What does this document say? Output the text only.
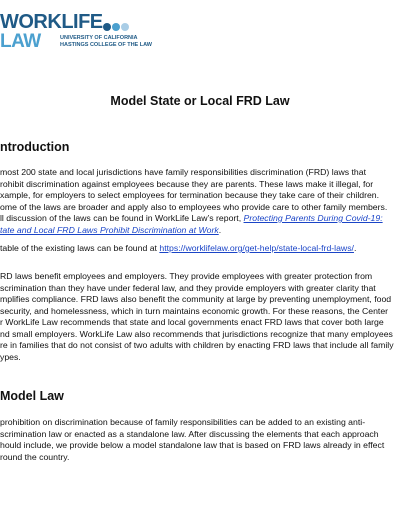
WORKLIFE
LAW	UNIVERSITY OF CALIFORNIA
HASTINGS COLLEGE OF THE LAW
Model State or Local FRD Law
ntroduction
most 200 state and local jurisdictions have family responsibilities discrimination (FRD) laws that
rohibit discrimination against employees because they are parents. These laws make it illegal, for
xample, for employers to select employees for termination because they take care of their children.
ome of the laws are broader and apply also to employees who provide care to other family members.
ll discussion of the laws can be found in WorkLife Law’s report, Protecting Parents During Covid-19:
tate and Local FRD Laws Prohibit Discrimination at Work.
table of the existing laws can be found at https://worklifelaw.org/get-help/state-local-frd-laws/.
RD laws benefit employees and employers. They provide employees with greater protection from
scrimination than they have under federal law, and they provide employers with greater clarity that
mplifies compliance. FRD laws also benefit the community at large by preventing unemployment, food
security, and homelessness, which in turn maintains economic growth. For these reasons, the Center
r WorkLife Law recommends that state and local governments enact FRD laws that cover both large
nd small employers. WorkLife Law also recommends that jurisdictions recognize that many employees
re in families that do not consist of two adults with children by enacting FRD laws that include all family
ypes.
Model Law
prohibition on discrimination because of family responsibilities can be added to an existing anti-
scrimination law or enacted as a standalone law. After discussing the elements that each approach
hould include, we provide below a model standalone law that is based on FRD laws already in effect
round the country.
